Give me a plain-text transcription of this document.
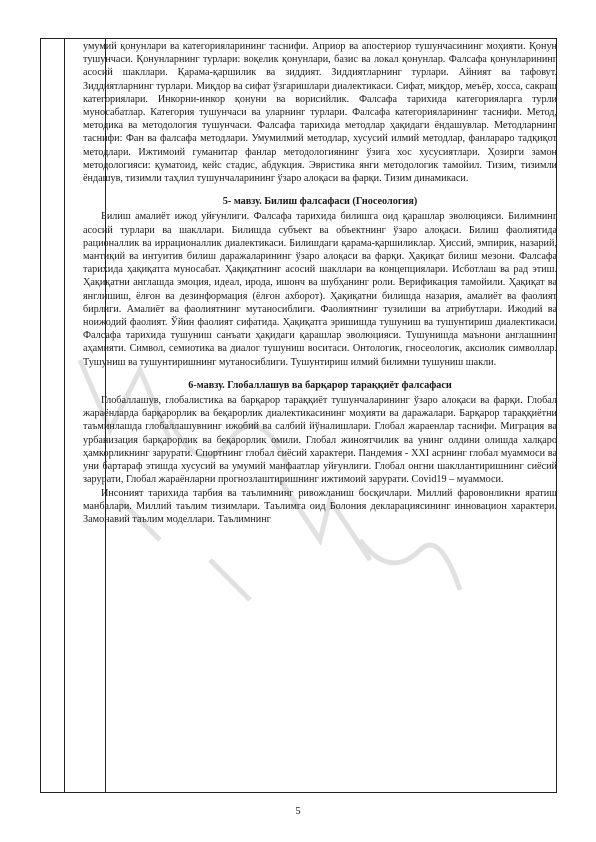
умумий қонунлари ва категорияларининг таснифи. Априор ва апостериор тушунчасининг моҳияти. Қонун тушунчаси. Қонунларнинг турлари: воқелик қонунлари, базис ва локал қонунлар. Фалсафа қонунларининг асосий шакллари. Қарама-қаршилик ва зиддият. Зиддиятларнинг турлари. Айният ва тафовут. Зиддиятларнинг турлари. Миқдор ва сифат ўзгаришлари диалектикаси. Сифат, миқдор, меъёр, хосса, сакраш категориялари. Инкорни-инкор қонуни ва ворисийлик. Фалсафа тарихида категорияларга турли муносабатлар. Категория тушунчаси ва уларнинг турлари. Фалсафа категорияларининг таснифи. Метод, методика ва методология тушунчаси. Фалсафа тарихида методлар ҳақидаги ёндашувлар. Методларнинг таснифи: Фан ва фалсафа методлари. Умумилмий методлар, хусусий илмий методлар, фанлараро тадқиқот методлари. Ижтимоий гуманитар фанлар методологиянинг ўзига хос хусусиятлари. Ҳозирги замон методологияси: қуматоид, кейс стадис, абдукция. Эвристика янги методологик тамойил. Тизим, тизимли ёндашув, тизимли таҳлил тушунчаларининг ўзаро алоқаси ва фарқи. Тизим динамикаси.

5- мавзу. Билиш фалсафаси (Гносеология)

Билиш амалиёт ижод уйғунлиги. Фалсафа тарихида билишга оид қарашлар эволюцияси. Билимнинг асосий турлари ва шакллари. Билишда субъект ва объектнинг ўзаро алоқаси. Билиш фаолиятида рационаллик ва иррационаллик диалектикаси. Билишдаги қарама-қаршиликлар. Ҳиссий, эмпирик, назарий, мантиқий ва интуитив билиш даражаларининг ўзаро алоқаси ва фарқи. Ҳақиқат билиш мезони. Фалсафа тарихида ҳақиқатга муносабат. Ҳақиқатнинг асосий шакллари ва концепциялари. Исботлаш ва рад этиш. Ҳақиқатни англашда эмоция, идеал, ирода, ишонч ва шубҳанинг роли. Верификация тамойили. Ҳақиқат ва янглишиш, ёлғон ва дезинформация (ёлғон ахборот). Ҳақиқатни билишда назария, амалиёт ва фаолият бирлиги. Амалиёт ва фаолиятнинг мутаносиблиги. Фаолиятнинг тузилиши ва атрибутлари. Ижодий ва ноижодий фаолият. Ўйин фаолият сифатида. Ҳақиқатга эришишда тушуниш ва тушунтириш диалектикаси. Фалсафа тарихида тушуниш санъати ҳақидаги қарашлар эволюцияси. Тушунишда маънони англашнинг аҳамияти. Символ, семиотика ва диалог тушуниш воситаси. Онтологик, гносеологик, аксиолик символлар. Тушуниш ва тушунтиришнинг мутаносиблиги. Тушунтириш илмий билимни тушуниш шакли.

6-мавзу. Глобаллашув ва барқарор тараққиёт фалсафаси

Глобаллашув, глобалистика ва барқарор тараққиёт тушунчаларининг ўзаро алоқаси ва фарқи. Глобал жараёнларда барқарорлик ва беқарорлик диалектикасининг моҳияти ва даражалари. Барқарор тараққиётни таъминлашда глобаллашувнинг ижобий ва салбий йўналишлари. Глобал жараенлар таснифи. Миграция ва урбанизация барқарорлик ва беқарорлик омили. Глобал жиноятчилик ва унинг олдини олишда халқаро ҳамкорликнинг зарурати. Спортнинг глобал сиёсий характери. Пандемия - XXI асрнинг глобал муаммоси ва уни бартараф этишда хусусий ва умумий манфаатлар уйғунлиги. Глобал онгни шакллантиришнинг сиёсий зарурати, Глобал жараёнларни прогнозлаштиришнинг ижтимоий зарурати. Covid19 – муаммоси.

Инсоният тарихида тарбия ва таълимнинг ривожланиш босқичлари. Миллий фаровонликни яратиш манбалари. Миллий таълим тизимлари. Таълимга оид Болония декларациясининг инновацион характери. Замонавий таълим моделлари. Таълимнинг

5
